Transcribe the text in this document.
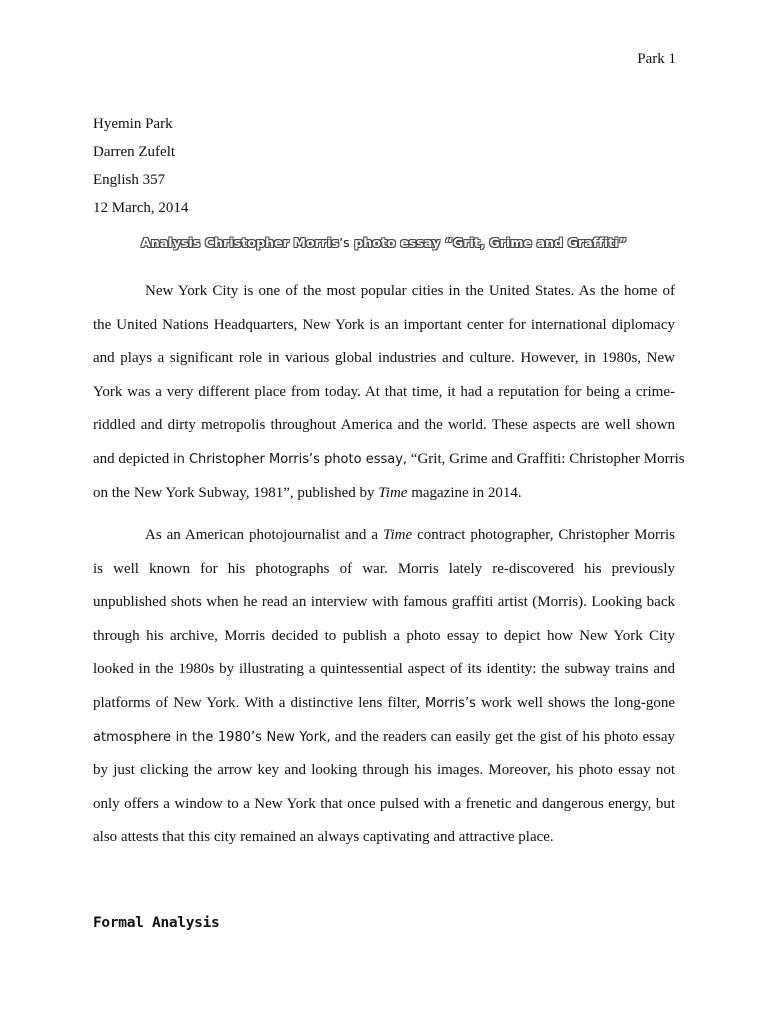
Park 1
Hyemin Park
Darren Zufelt
English 357
12 March, 2014
Analysis Christopher Morris’s photo essay “Grit, Grime and Graffiti”
New York City is one of the most popular cities in the United States. As the home of
the United Nations Headquarters, New York is an important center for international diplomacy
and plays a significant role in various global industries and culture. However, in 1980s, New
York was a very different place from today. At that time, it had a reputation for being a crime-
riddled and dirty metropolis throughout America and the world. These aspects are well shown
and depicted in Christopher Morris’s photo essay, “Grit, Grime and Graffiti: Christopher Morris
on the New York Subway, 1981”, published by Time magazine in 2014.
As an American photojournalist and a Time contract photographer, Christopher Morris
is well known for his photographs of war. Morris lately re-discovered his previously
unpublished shots when he read an interview with famous graffiti artist (Morris). Looking back
through his archive, Morris decided to publish a photo essay to depict how New York City
looked in the 1980s by illustrating a quintessential aspect of its identity: the subway trains and
platforms of New York. With a distinctive lens filter, Morris’s work well shows the long-gone
atmosphere in the 1980’s New York, and the readers can easily get the gist of his photo essay
by just clicking the arrow key and looking through his images. Moreover, his photo essay not
only offers a window to a New York that once pulsed with a frenetic and dangerous energy, but
also attests that this city remained an always captivating and attractive place.
Formal Analysis
